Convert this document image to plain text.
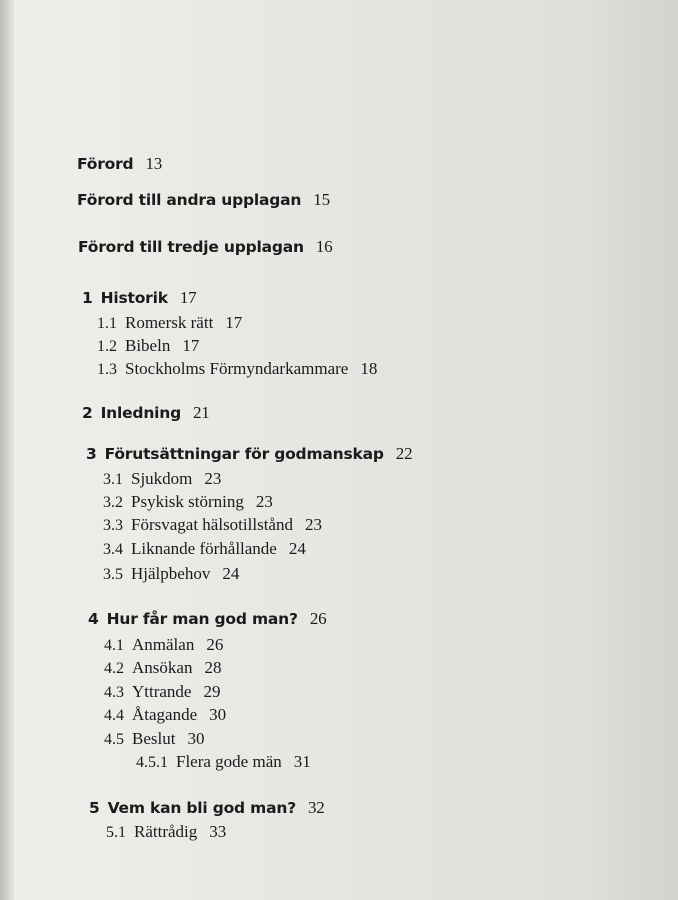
Förord 13
Förord till andra upplagan 15
Förord till tredje upplagan 16
1 Historik 17
1.1 Romersk rätt 17
1.2 Bibeln 17
1.3 Stockholms Förmyndarkammare 18
2 Inledning 21
3 Förutsättningar för godmanskap 22
3.1 Sjukdom 23
3.2 Psykisk störning 23
3.3 Försvagat hälsotillstånd 23
3.4 Liknande förhållande 24
3.5 Hjälpbehov 24
4 Hur får man god man? 26
4.1 Anmälan 26
4.2 Ansökan 28
4.3 Yttrande 29
4.4 Åtagande 30
4.5 Beslut 30
4.5.1 Flera gode män 31
5 Vem kan bli god man? 32
5.1 Rättrådig 33
